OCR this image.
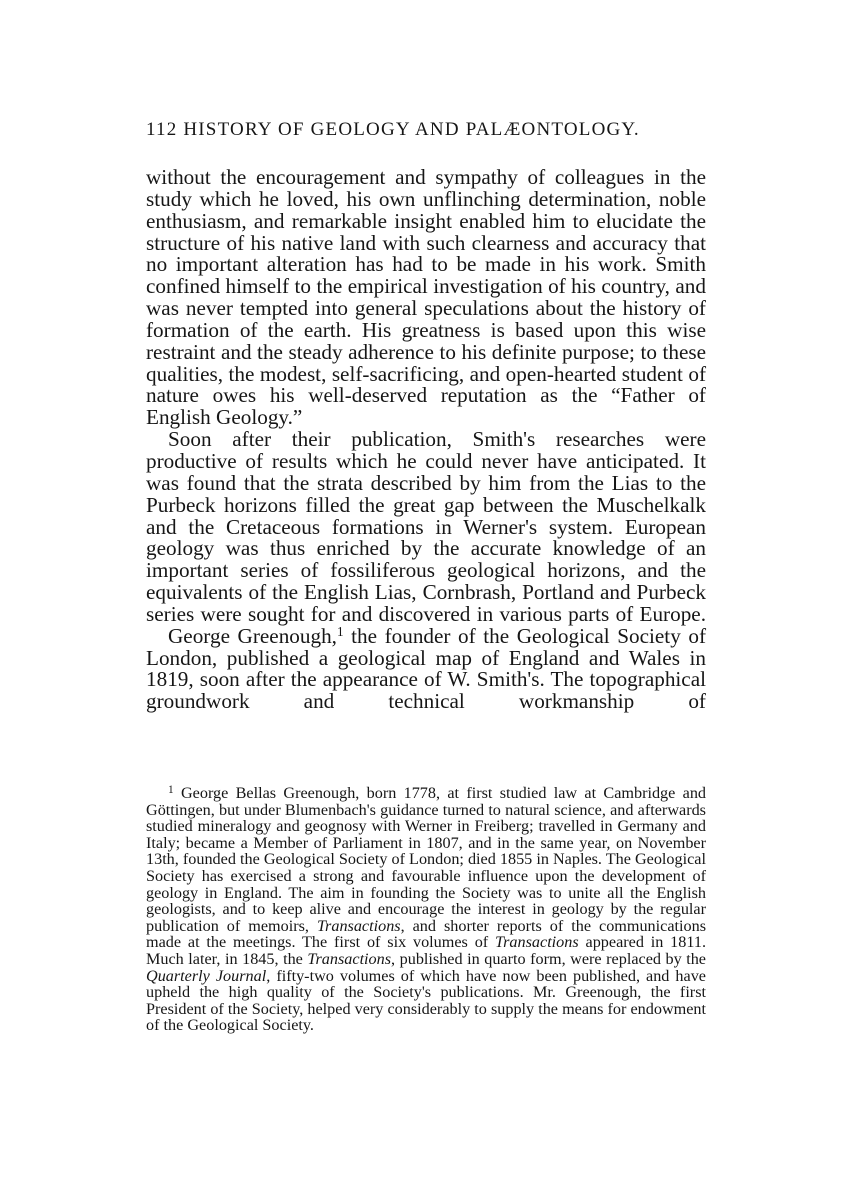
112 HISTORY OF GEOLOGY AND PALÆONTOLOGY.

without the encouragement and sympathy of colleagues in the study which he loved, his own unflinching determination, noble enthusiasm, and remarkable insight enabled him to elucidate the structure of his native land with such clearness and accuracy that no important alteration has had to be made in his work. Smith confined himself to the empirical investigation of his country, and was never tempted into general speculations about the history of formation of the earth. His greatness is based upon this wise restraint and the steady adherence to his definite purpose; to these qualities, the modest, self-sacrificing, and open-hearted student of nature owes his well-deserved reputation as the “Father of English Geology.”

Soon after their publication, Smith's researches were productive of results which he could never have anticipated. It was found that the strata described by him from the Lias to the Purbeck horizons filled the great gap between the Muschelkalk and the Cretaceous formations in Werner's system. European geology was thus enriched by the accurate knowledge of an important series of fossiliferous geological horizons, and the equivalents of the English Lias, Cornbrash, Portland and Purbeck series were sought for and discovered in various parts of Europe.

George Greenough,$^1$ the founder of the Geological Society of London, published a geological map of England and Wales in 1819, soon after the appearance of W. Smith's. The topographical groundwork and technical workmanship of

$^1$ George Bellas Greenough, born 1778, at first studied law at Cambridge and Göttingen, but under Blumenbach's guidance turned to natural science, and afterwards studied mineralogy and geognosy with Werner in Freiberg; travelled in Germany and Italy; became a Member of Parliament in 1807, and in the same year, on November 13th, founded the Geological Society of London; died 1855 in Naples. The Geological Society has exercised a strong and favourable influence upon the development of geology in England. The aim in founding the Society was to unite all the English geologists, and to keep alive and encourage the interest in geology by the regular publication of memoirs, Transactions, and shorter reports of the communications made at the meetings. The first of six volumes of Transactions appeared in 1811. Much later, in 1845, the Transactions, published in quarto form, were replaced by the Quarterly Journal, fifty-two volumes of which have now been published, and have upheld the high quality of the Society's publications. Mr. Greenough, the first President of the Society, helped very considerably to supply the means for endowment of the Geological Society.
